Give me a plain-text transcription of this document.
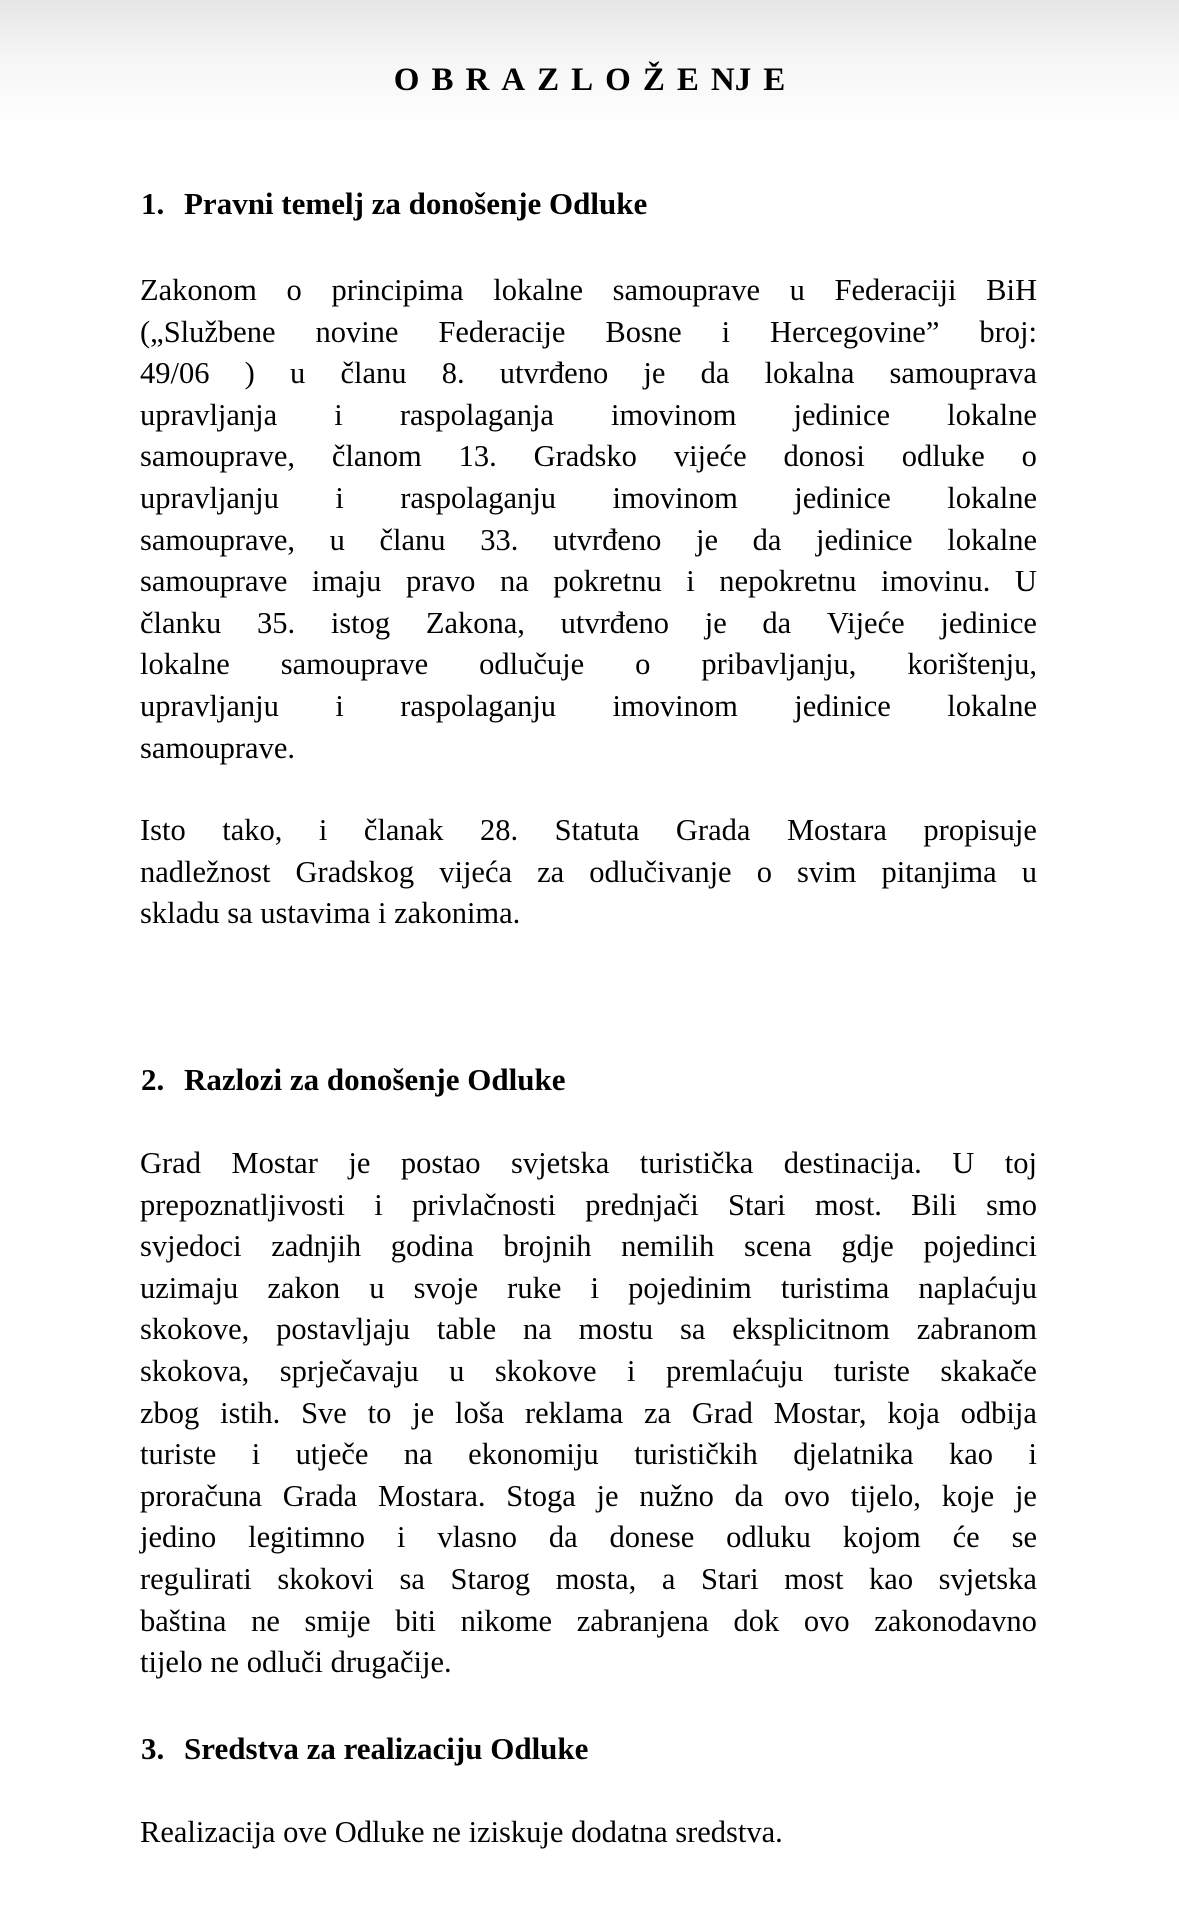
O B R A Z L O Ž E NJ E
1. Pravni temelj za donošenje Odluke
Zakonom o principima lokalne samouprave u Federaciji BiH
(„Službene novine Federacije Bosne i Hercegovine” broj:
49/06 ) u članu 8. utvrđeno je da lokalna samouprava
upravljanja i raspolaganja imovinom jedinice lokalne
samouprave, članom 13. Gradsko vijeće donosi odluke o
upravljanju i raspolaganju imovinom jedinice lokalne
samouprave, u članu 33. utvrđeno je da jedinice lokalne
samouprave imaju pravo na pokretnu i nepokretnu imovinu. U
članku 35. istog Zakona, utvrđeno je da Vijeće jedinice
lokalne samouprave odlučuje o pribavljanju, korištenju,
upravljanju i raspolaganju imovinom jedinice lokalne
samouprave.
Isto tako, i članak 28. Statuta Grada Mostara propisuje
nadležnost Gradskog vijeća za odlučivanje o svim pitanjima u
skladu sa ustavima i zakonima.
2. Razlozi za donošenje Odluke
Grad Mostar je postao svjetska turistička destinacija. U toj
prepoznatljivosti i privlačnosti prednjači Stari most. Bili smo
svjedoci zadnjih godina brojnih nemilih scena gdje pojedinci
uzimaju zakon u svoje ruke i pojedinim turistima naplaćuju
skokove, postavljaju table na mostu sa eksplicitnom zabranom
skokova, sprječavaju u skokove i premlaćuju turiste skakače
zbog istih. Sve to je loša reklama za Grad Mostar, koja odbija
turiste i utječe na ekonomiju turističkih djelatnika kao i
proračuna Grada Mostara. Stoga je nužno da ovo tijelo, koje je
jedino legitimno i vlasno da donese odluku kojom će se
regulirati skokovi sa Starog mosta, a Stari most kao svjetska
baština ne smije biti nikome zabranjena dok ovo zakonodavno
tijelo ne odluči drugačije.
3. Sredstva za realizaciju Odluke
Realizacija ove Odluke ne iziskuje dodatna sredstva.
